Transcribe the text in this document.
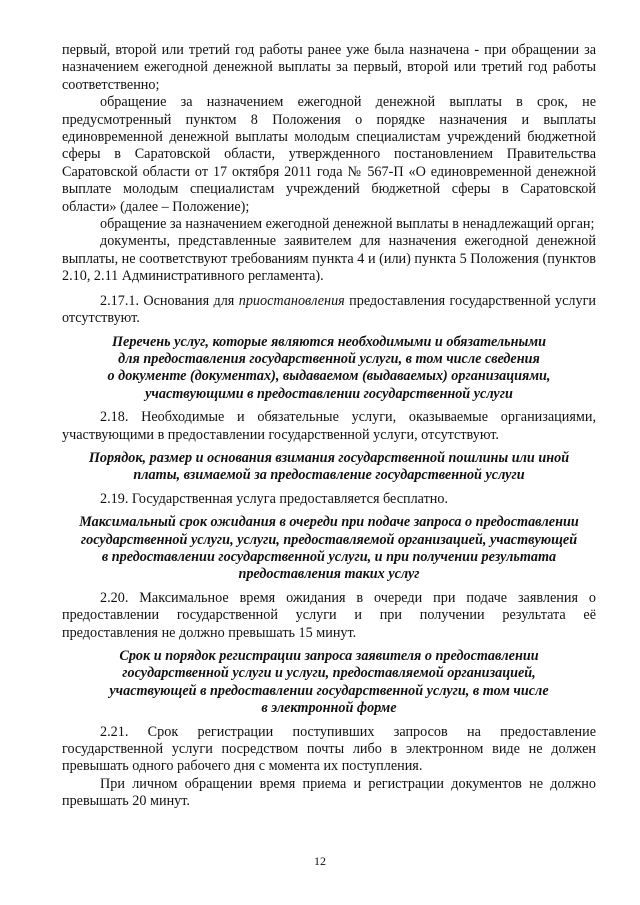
первый, второй или третий год работы ранее уже была назначена - при обращении за назначением ежегодной денежной выплаты за первый, второй или третий год работы соответственно;

обращение за назначением ежегодной денежной выплаты в срок, не предусмотренный пунктом 8 Положения о порядке назначения и выплаты единовременной денежной выплаты молодым специалистам учреждений бюджетной сферы в Саратовской области, утвержденного постановлением Правительства Саратовской области от 17 октября 2011 года № 567-П «О единовременной денежной выплате молодым специалистам учреждений бюджетной сферы в Саратовской области» (далее – Положение);

обращение за назначением ежегодной денежной выплаты в ненадлежащий орган;

документы, представленные заявителем для назначения ежегодной денежной выплаты, не соответствуют требованиям пункта 4 и (или) пункта 5 Положения (пунктов 2.10, 2.11 Административного регламента).

2.17.1. Основания для приостановления предоставления государственной услуги отсутствуют.

Перечень услуг, которые являются необходимыми и обязательными
для предоставления государственной услуги, в том числе сведения
о документе (документах), выдаваемом (выдаваемых) организациями,
участвующими в предоставлении государственной услуги

2.18. Необходимые и обязательные услуги, оказываемые организациями, участвующими в предоставлении государственной услуги, отсутствуют.

Порядок, размер и основания взимания государственной пошлины или иной
платы, взимаемой за предоставление государственной услуги

2.19. Государственная услуга предоставляется бесплатно.

Максимальный срок ожидания в очереди при подаче запроса о предоставлении
государственной услуги, услуги, предоставляемой организацией, участвующей
в предоставлении государственной услуги, и при получении результата
предоставления таких услуг

2.20. Максимальное время ожидания в очереди при подаче заявления о предоставлении государственной услуги и при получении результата её предоставления не должно превышать 15 минут.

Срок и порядок регистрации запроса заявителя о предоставлении
государственной услуги и услуги, предоставляемой организацией,
участвующей в предоставлении государственной услуги, в том числе
в электронной форме

2.21. Срок регистрации поступивших запросов на предоставление государственной услуги посредством почты либо в электронном виде не должен превышать одного рабочего дня с момента их поступления.

При личном обращении время приема и регистрации документов не должно превышать 20 минут.

12
